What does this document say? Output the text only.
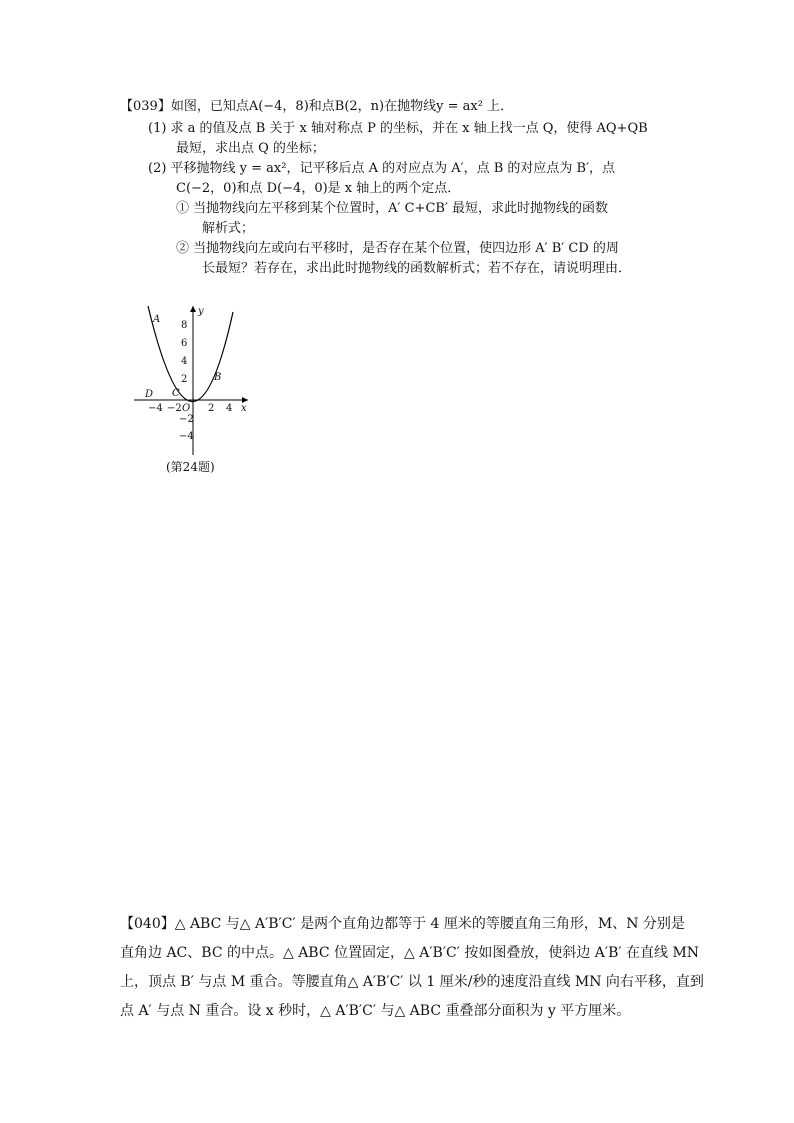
【039】如图，已知点A(−4，8)和点B(2，n)在抛物线y = ax² 上．
(1) 求 a 的值及点 B 关于 x 轴对称点 P 的坐标，并在 x 轴上找一点 Q，使得 AQ+QB
最短，求出点 Q 的坐标；
(2) 平移抛物线 y = ax²，记平移后点 A 的对应点为 A′，点 B 的对应点为 B′，点
C(−2，0)和点 D(−4，0)是 x 轴上的两个定点．
① 当抛物线向左平移到某个位置时，A′ C+CB′ 最短，求此时抛物线的函数
解析式；
② 当抛物线向左或向右平移时，是否存在某个位置，使四边形 A′ B′ CD 的周
长最短？若存在，求出此时抛物线的函数解析式；若不存在，请说明理由．
y
x
O
8
6
4
2
−2
−4
−4 −2	2 4
A
B
C
D
(第24题)
【040】△ ABC 与△ A′B′C′ 是两个直角边都等于 4 厘米的等腰直角三角形，M、N 分别是
直角边 AC、BC 的中点。△ ABC 位置固定，△ A′B′C′ 按如图叠放，使斜边 A′B′ 在直线 MN
上，顶点 B′ 与点 M 重合。等腰直角△ A′B′C′ 以 1 厘米/秒的速度沿直线 MN 向右平移，直到
点 A′ 与点 N 重合。设 x 秒时，△ A′B′C′ 与△ ABC 重叠部分面积为 y 平方厘米。
